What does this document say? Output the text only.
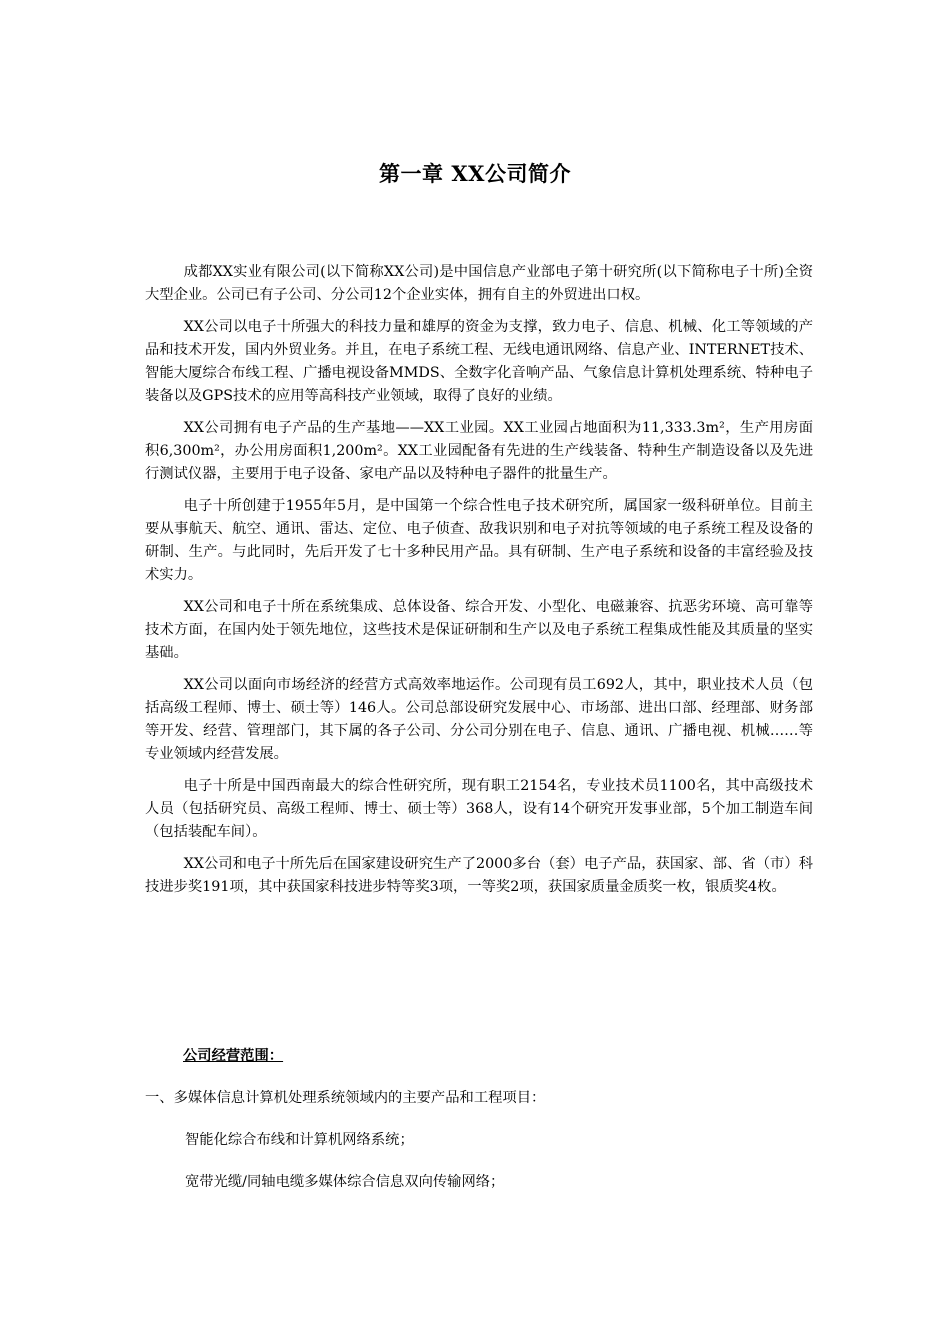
第一章 XX公司简介

成都XX实业有限公司(以下简称XX公司)是中国信息产业部电子第十研究所(以下简称电子十所)全资大型企业。公司已有子公司、分公司12个企业实体，拥有自主的外贸进出口权。

XX公司以电子十所强大的科技力量和雄厚的资金为支撑，致力电子、信息、机械、化工等领域的产品和技术开发，国内外贸业务。并且，在电子系统工程、无线电通讯网络、信息产业、INTERNET技术、智能大厦综合布线工程、广播电视设备MMDS、全数字化音响产品、气象信息计算机处理系统、特种电子装备以及GPS技术的应用等高科技产业领域，取得了良好的业绩。

XX公司拥有电子产品的生产基地——XX工业园。XX工业园占地面积为11,333.3m²，生产用房面积6,300m²，办公用房面积1,200m²。XX工业园配备有先进的生产线装备、特种生产制造设备以及先进行测试仪器，主要用于电子设备、家电产品以及特种电子器件的批量生产。

电子十所创建于1955年5月，是中国第一个综合性电子技术研究所，属国家一级科研单位。目前主要从事航天、航空、通讯、雷达、定位、电子侦查、敌我识别和电子对抗等领域的电子系统工程及设备的研制、生产。与此同时，先后开发了七十多种民用产品。具有研制、生产电子系统和设备的丰富经验及技术实力。

XX公司和电子十所在系统集成、总体设备、综合开发、小型化、电磁兼容、抗恶劣环境、高可靠等技术方面，在国内处于领先地位，这些技术是保证研制和生产以及电子系统工程集成性能及其质量的坚实基础。

XX公司以面向市场经济的经营方式高效率地运作。公司现有员工692人，其中，职业技术人员（包括高级工程师、博士、硕士等）146人。公司总部设研究发展中心、市场部、进出口部、经理部、财务部等开发、经营、管理部门，其下属的各子公司、分公司分别在电子、信息、通讯、广播电视、机械……等专业领域内经营发展。

电子十所是中国西南最大的综合性研究所，现有职工2154名，专业技术员1100名，其中高级技术人员（包括研究员、高级工程师、博士、硕士等）368人，设有14个研究开发事业部，5个加工制造车间（包括装配车间）。

XX公司和电子十所先后在国家建设研究生产了2000多台（套）电子产品，获国家、部、省（市）科技进步奖191项，其中获国家科技进步特等奖3项，一等奖2项，获国家质量金质奖一枚，银质奖4枚。

公司经营范围：
一、多媒体信息计算机处理系统领域内的主要产品和工程项目：
智能化综合布线和计算机网络系统；
宽带光缆/同轴电缆多媒体综合信息双向传输网络；
